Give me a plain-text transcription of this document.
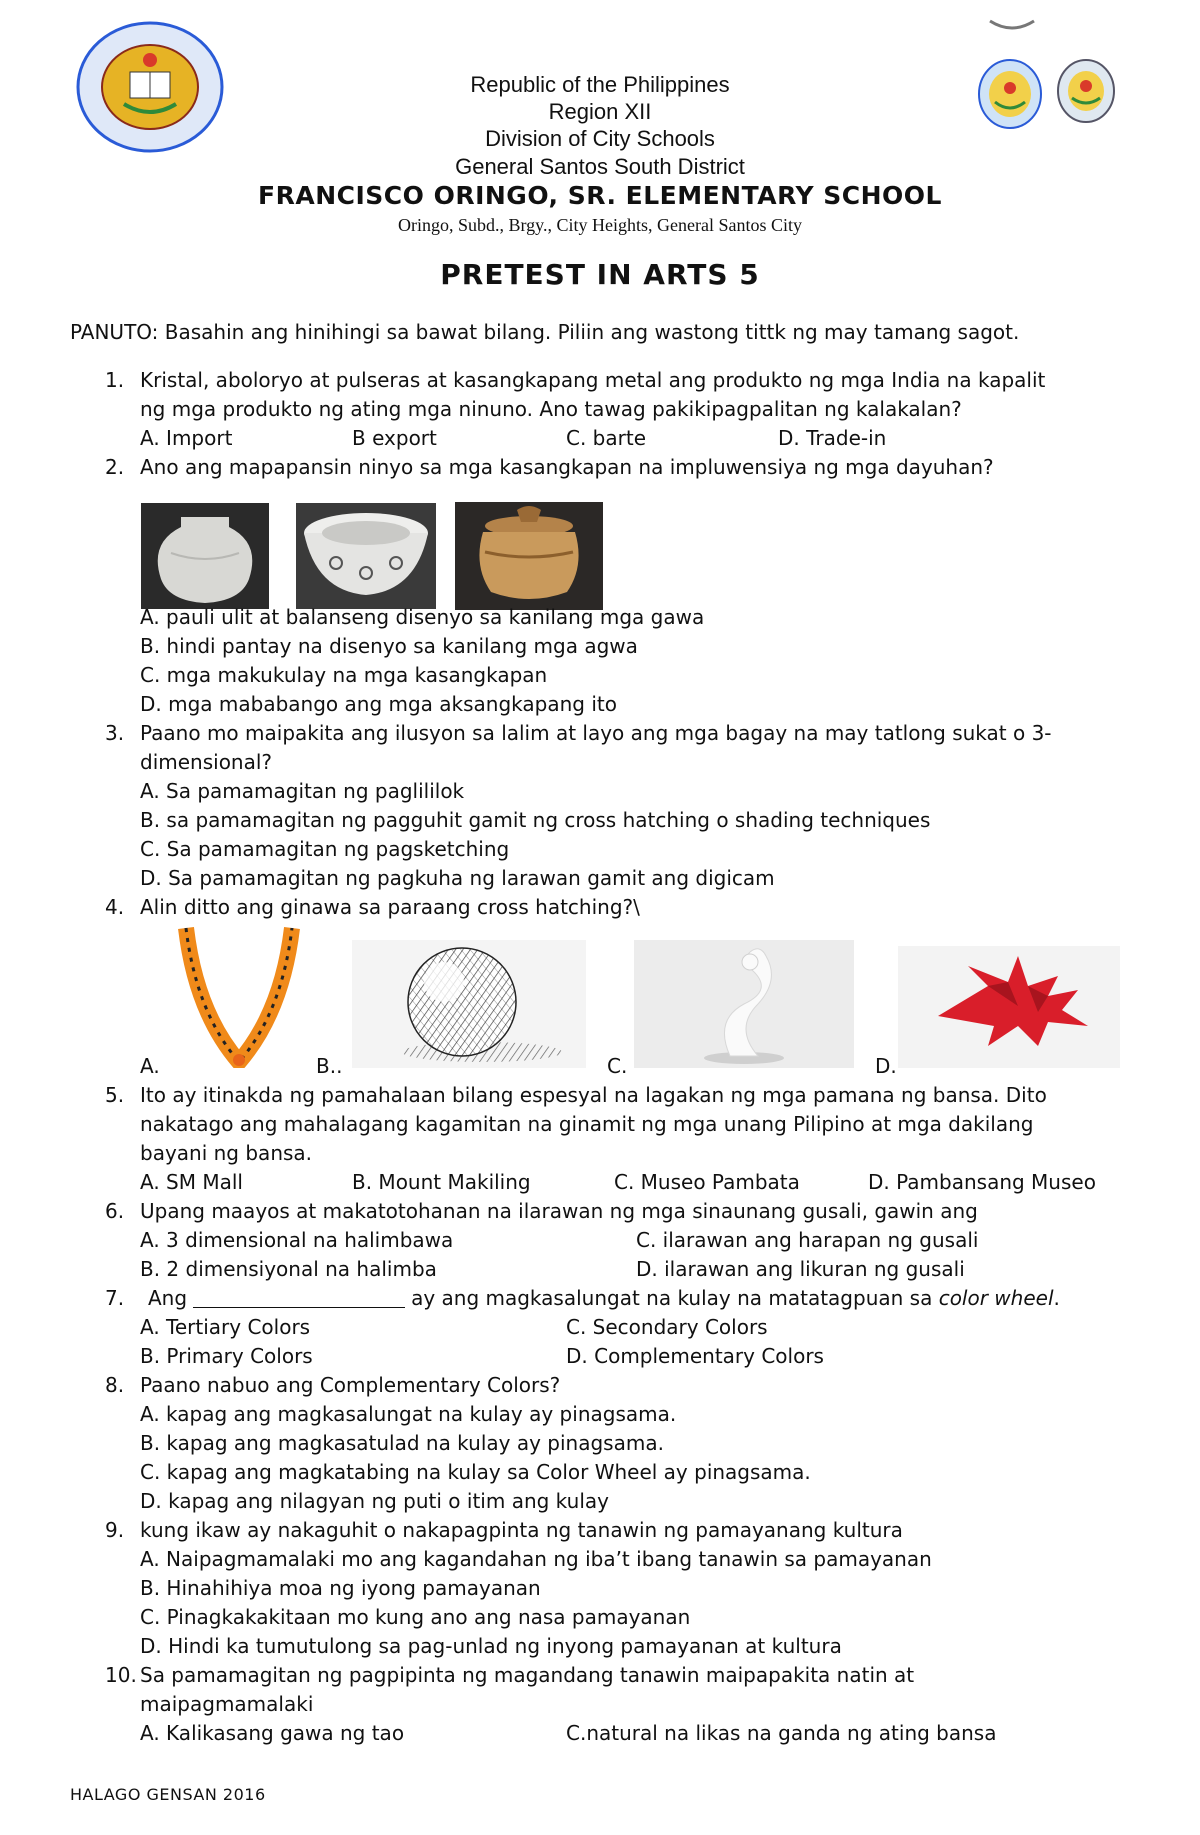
Republic of the Philippines
Region XII
Division of City Schools
General Santos South District
FRANCISCO ORINGO, SR. ELEMENTARY SCHOOL
Oringo, Subd., Brgy., City Heights, General Santos City
PRETEST IN ARTS 5
PANUTO: Basahin ang hinihingi sa bawat bilang. Piliin ang wastong tittk ng may tamang sagot.
1. Kristal, aboloryo at pulseras at kasangkapang metal ang produkto ng mga India na kapalit
ng mga produkto ng ating mga ninuno. Ano tawag pakikipagpalitan ng kalakalan?
A. Import	B export	C. barte	D. Trade-in
2. Ano ang mapapansin ninyo sa mga kasangkapan na impluwensiya ng mga dayuhan?
A. pauli ulit at balanseng disenyo sa kanilang mga gawa
B. hindi pantay na disenyo sa kanilang mga agwa
C. mga makukulay na mga kasangkapan
D. mga mababango ang mga aksangkapang ito
3. Paano mo maipakita ang ilusyon sa lalim at layo ang mga bagay na may tatlong sukat o 3-
dimensional?
A. Sa pamamagitan ng paglililok
B. sa pamamagitan ng pagguhit gamit ng cross hatching o shading techniques
C. Sa pamamagitan ng pagsketching
D. Sa pamamagitan ng pagkuha ng larawan gamit ang digicam
4. Alin ditto ang ginawa sa paraang cross hatching?\
A.	B..	C.	D.
5. Ito ay itinakda ng pamahalaan bilang espesyal na lagakan ng mga pamana ng bansa. Dito
nakatago ang mahalagang kagamitan na ginamit ng mga unang Pilipino at mga dakilang
bayani ng bansa.
A. SM Mall	B. Mount Makiling	C. Museo Pambata	D. Pambansang Museo
6. Upang maayos at makatotohanan na ilarawan ng mga sinaunang gusali, gawin ang
A. 3 dimensional na halimbawa	C. ilarawan ang harapan ng gusali
B. 2 dimensiyonal na halimba	D. ilarawan ang likuran ng gusali
7. Ang	ay ang magkasalungat na kulay na matatagpuan sa color wheel.
A. Tertiary Colors	C. Secondary Colors
B. Primary Colors	D. Complementary Colors
8. Paano nabuo ang Complementary Colors?
A. kapag ang magkasalungat na kulay ay pinagsama.
B. kapag ang magkasatulad na kulay ay pinagsama.
C. kapag ang magkatabing na kulay sa Color Wheel ay pinagsama.
D. kapag ang nilagyan ng puti o itim ang kulay
9. kung ikaw ay nakaguhit o nakapagpinta ng tanawin ng pamayanang kultura
A. Naipagmamalaki mo ang kagandahan ng iba’t ibang tanawin sa pamayanan
B. Hinahihiya moa ng iyong pamayanan
C. Pinagkakakitaan mo kung ano ang nasa pamayanan
D. Hindi ka tumutulong sa pag-unlad ng inyong pamayanan at kultura
10. Sa pamamagitan ng pagpipinta ng magandang tanawin maipapakita natin at
maipagmamalaki
A. Kalikasang gawa ng tao	C.natural na likas na ganda ng ating bansa
HALAGO GENSAN 2016
